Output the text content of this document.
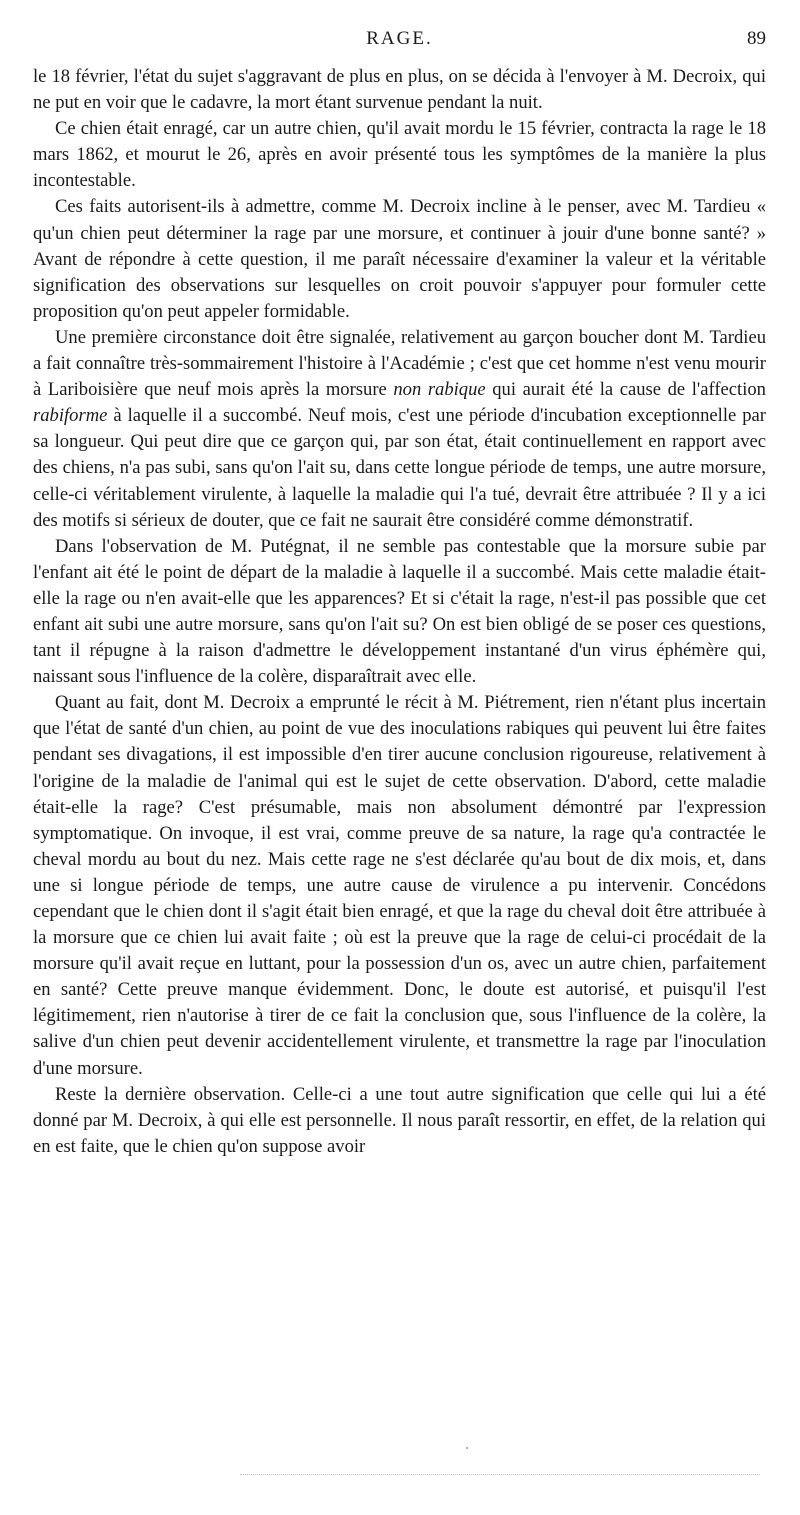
RAGE.	89

le 18 février, l'état du sujet s'aggravant de plus en plus, on se décida à l'envoyer à M. Decroix, qui ne put en voir que le cadavre, la mort étant survenue pendant la nuit.

Ce chien était enragé, car un autre chien, qu'il avait mordu le 15 février, contracta la rage le 18 mars 1862, et mourut le 26, après en avoir présenté tous les symptômes de la manière la plus incontestable.

Ces faits autorisent-ils à admettre, comme M. Decroix incline à le penser, avec M. Tardieu « qu'un chien peut déterminer la rage par une morsure, et continuer à jouir d'une bonne santé? » Avant de répondre à cette question, il me paraît nécessaire d'examiner la valeur et la véritable signification des observations sur lesquelles on croit pouvoir s'appuyer pour formuler cette proposition qu'on peut appeler formidable.

Une première circonstance doit être signalée, relativement au garçon boucher dont M. Tardieu a fait connaître très-sommairement l'histoire à l'Académie ; c'est que cet homme n'est venu mourir à Lariboisière que neuf mois après la morsure non rabique qui aurait été la cause de l'affection rabiforme à laquelle il a succombé. Neuf mois, c'est une période d'incubation exceptionnelle par sa longueur. Qui peut dire que ce garçon qui, par son état, était continuellement en rapport avec des chiens, n'a pas subi, sans qu'on l'ait su, dans cette longue période de temps, une autre morsure, celle-ci véritablement virulente, à laquelle la maladie qui l'a tué, devrait être attribuée ? Il y a ici des motifs si sérieux de douter, que ce fait ne saurait être considéré comme démonstratif.

Dans l'observation de M. Putégnat, il ne semble pas contestable que la morsure subie par l'enfant ait été le point de départ de la maladie à laquelle il a succombé. Mais cette maladie était-elle la rage ou n'en avait-elle que les apparences? Et si c'était la rage, n'est-il pas possible que cet enfant ait subi une autre morsure, sans qu'on l'ait su? On est bien obligé de se poser ces questions, tant il répugne à la raison d'admettre le développement instantané d'un virus éphémère qui, naissant sous l'influence de la colère, disparaîtrait avec elle.

Quant au fait, dont M. Decroix a emprunté le récit à M. Piétrement, rien n'étant plus incertain que l'état de santé d'un chien, au point de vue des inoculations rabiques qui peuvent lui être faites pendant ses divagations, il est impossible d'en tirer aucune conclusion rigoureuse, relativement à l'origine de la maladie de l'animal qui est le sujet de cette observation. D'abord, cette maladie était-elle la rage? C'est présumable, mais non absolument démontré par l'expression symptomatique. On invoque, il est vrai, comme preuve de sa nature, la rage qu'a contractée le cheval mordu au bout du nez. Mais cette rage ne s'est déclarée qu'au bout de dix mois, et, dans une si longue période de temps, une autre cause de virulence a pu intervenir. Concédons cependant que le chien dont il s'agit était bien enragé, et que la rage du cheval doit être attribuée à la morsure que ce chien lui avait faite ; où est la preuve que la rage de celui-ci procédait de la morsure qu'il avait reçue en luttant, pour la possession d'un os, avec un autre chien, parfaitement en santé? Cette preuve manque évidemment. Donc, le doute est autorisé, et puisqu'il l'est légitimement, rien n'autorise à tirer de ce fait la conclusion que, sous l'influence de la colère, la salive d'un chien peut devenir accidentellement virulente, et transmettre la rage par l'inoculation d'une morsure.

Reste la dernière observation. Celle-ci a une tout autre signification que celle qui lui a été donné par M. Decroix, à qui elle est personnelle. Il nous paraît ressortir, en effet, de la relation qui en est faite, que le chien qu'on suppose avoir
